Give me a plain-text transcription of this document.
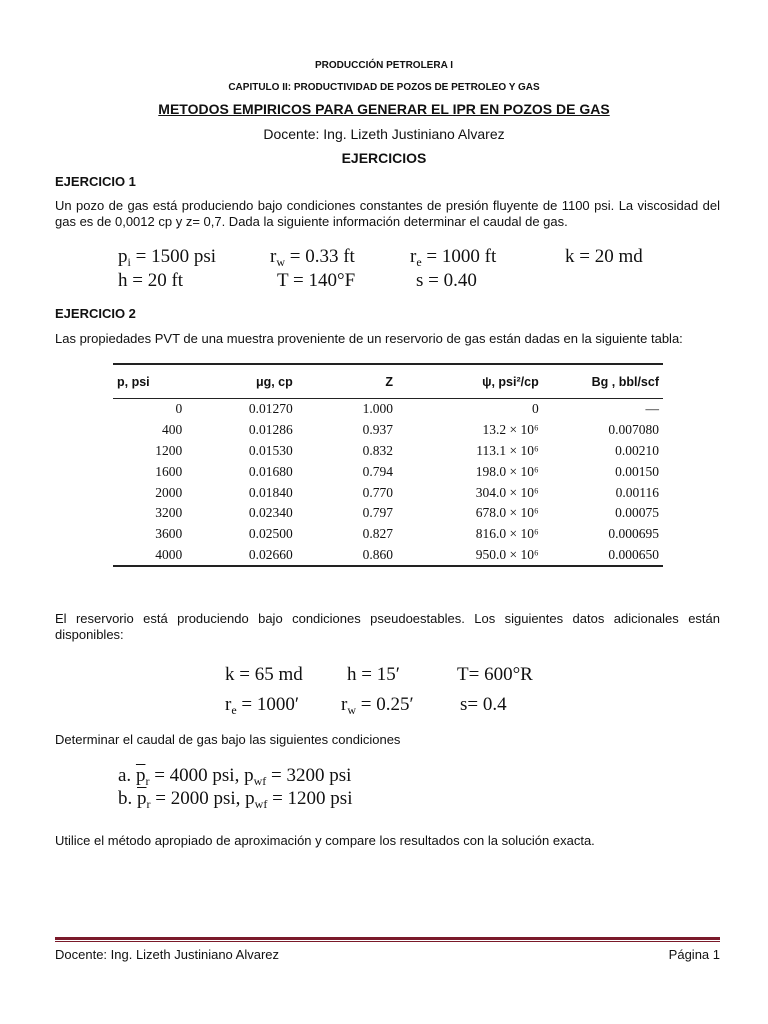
PRODUCCIÓN PETROLERA I
CAPITULO II: PRODUCTIVIDAD DE POZOS DE PETROLEO Y GAS
METODOS EMPIRICOS PARA GENERAR EL IPR EN POZOS DE GAS
Docente: Ing. Lizeth Justiniano Alvarez
EJERCICIOS
EJERCICIO 1
Un pozo de gas está produciendo bajo condiciones constantes de presión fluyente de 1100 psi. La viscosidad del gas es de 0,0012 cp y z= 0,7. Dada la siguiente información determinar el caudal de gas.
$p_i = 1500$ psi	$r_w = 0.33$ ft	$r_e = 1000$ ft	k = 20 md
h = 20 ft	T = 140°F	s = 0.40
EJERCICIO 2
Las propiedades PVT de una muestra proveniente de un reservorio de gas están dadas en la siguiente tabla:
p, psi	μg, cp	Z	ψ, psi²/cp	Bg , bbl/scf
0	0.01270	1.000	0	—
400	0.01286	0.937	13.2 × 10⁶	0.007080
1200	0.01530	0.832	113.1 × 10⁶	0.00210
1600	0.01680	0.794	198.0 × 10⁶	0.00150
2000	0.01840	0.770	304.0 × 10⁶	0.00116
3200	0.02340	0.797	678.0 × 10⁶	0.00075
3600	0.02500	0.827	816.0 × 10⁶	0.000695
4000	0.02660	0.860	950.0 × 10⁶	0.000650
El reservorio está produciendo bajo condiciones pseudoestables. Los siguientes datos adicionales están disponibles:
k = 65 md h = 15′	T= 600°R
$r_e = 1000'$ $r_w = 0.25'$ s= 0.4
Determinar el caudal de gas bajo las siguientes condiciones
a. $\overline{p}_r = 4000$ psi, $p_{wf} = 3200$ psi
b. $\overline{p}_r = 2000$ psi, $p_{wf} = 1200$ psi
Utilice el método apropiado de aproximación y compare los resultados con la solución exacta.
Docente: Ing. Lizeth Justiniano Alvarez	Página 1
